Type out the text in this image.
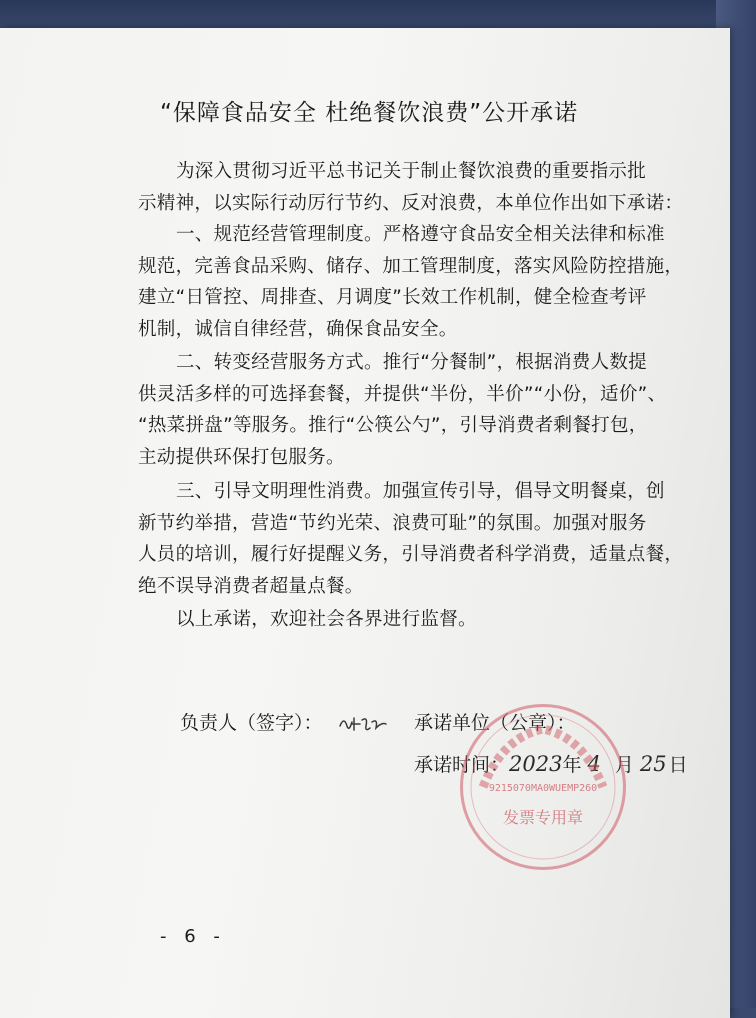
“保障食品安全 杜绝餐饮浪费”公开承诺
为深入贯彻习近平总书记关于制止餐饮浪费的重要指示批
示精神，以实际行动厉行节约、反对浪费，本单位作出如下承诺：
一、规范经营管理制度。严格遵守食品安全相关法律和标准
规范，完善食品采购、储存、加工管理制度，落实风险防控措施，
建立“日管控、周排查、月调度”长效工作机制，健全检查考评
机制，诚信自律经营，确保食品安全。
二、转变经营服务方式。推行“分餐制”，根据消费人数提
供灵活多样的可选择套餐，并提供“半份，半价”“小份，适价”、
“热菜拼盘”等服务。推行“公筷公勺”，引导消费者剩餐打包，
主动提供环保打包服务。
三、引导文明理性消费。加强宣传引导，倡导文明餐桌，创
新节约举措，营造“节约光荣、浪费可耻”的氛围。加强对服务
人员的培训，履行好提醒义务，引导消费者科学消费，适量点餐，
绝不误导消费者超量点餐。
以上承诺，欢迎社会各界进行监督。
负责人（签字）：	承诺单位（公章）：
承诺时间：2023年 4 月 25 日
9215070MA0WUEMP260
发票专用章
- 6 -
